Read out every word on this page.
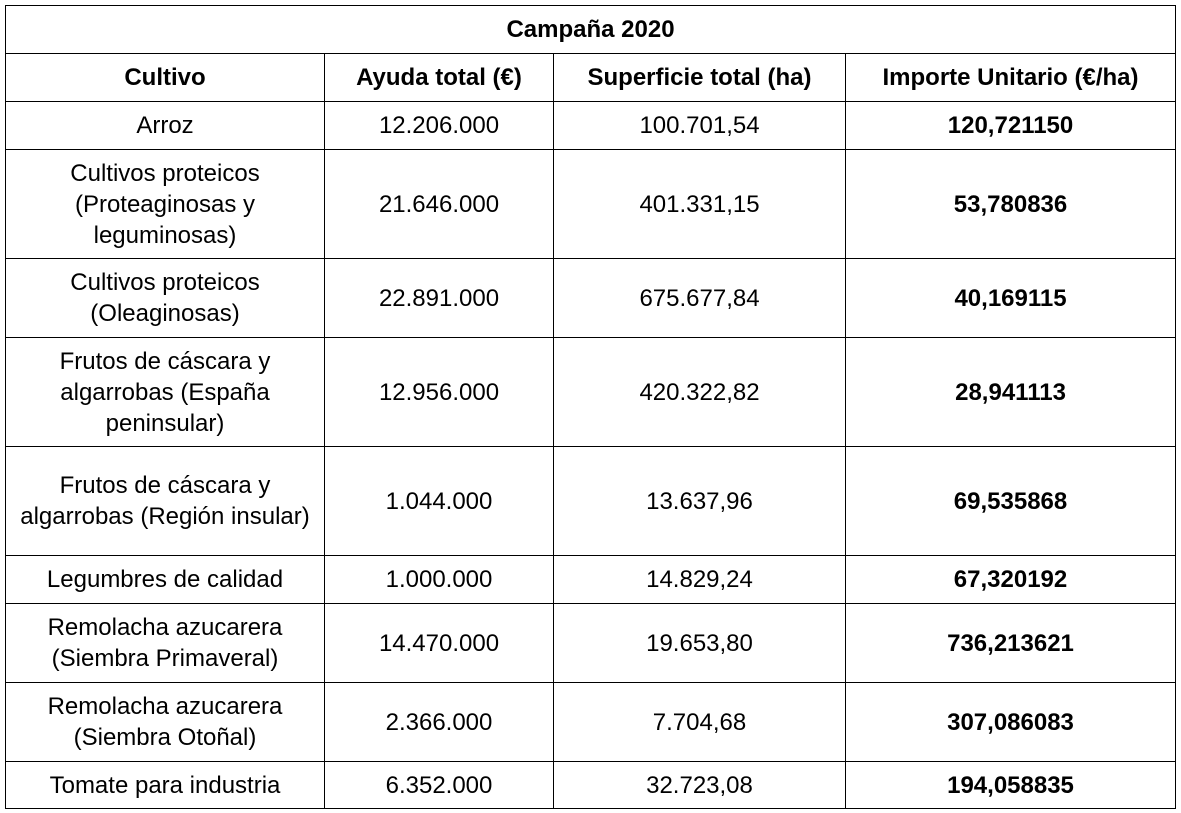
Campaña 2020			
Cultivo	Ayuda total (€)	Superficie total (ha)	Importe Unitario (€/ha)
Arroz	12.206.000	100.701,54	120,721150
Cultivos proteicos (Proteaginosas y leguminosas)	21.646.000	401.331,15	53,780836
Cultivos proteicos (Oleaginosas)	22.891.000	675.677,84	40,169115
Frutos de cáscara y algarrobas (España peninsular)	12.956.000	420.322,82	28,941113
Frutos de cáscara y algarrobas (Región insular)	1.044.000	13.637,96	69,535868
Legumbres de calidad	1.000.000	14.829,24	67,320192
Remolacha azucarera (Siembra Primaveral)	14.470.000	19.653,80	736,213621
Remolacha azucarera (Siembra Otoñal)	2.366.000	7.704,68	307,086083
Tomate para industria	6.352.000	32.723,08	194,058835
